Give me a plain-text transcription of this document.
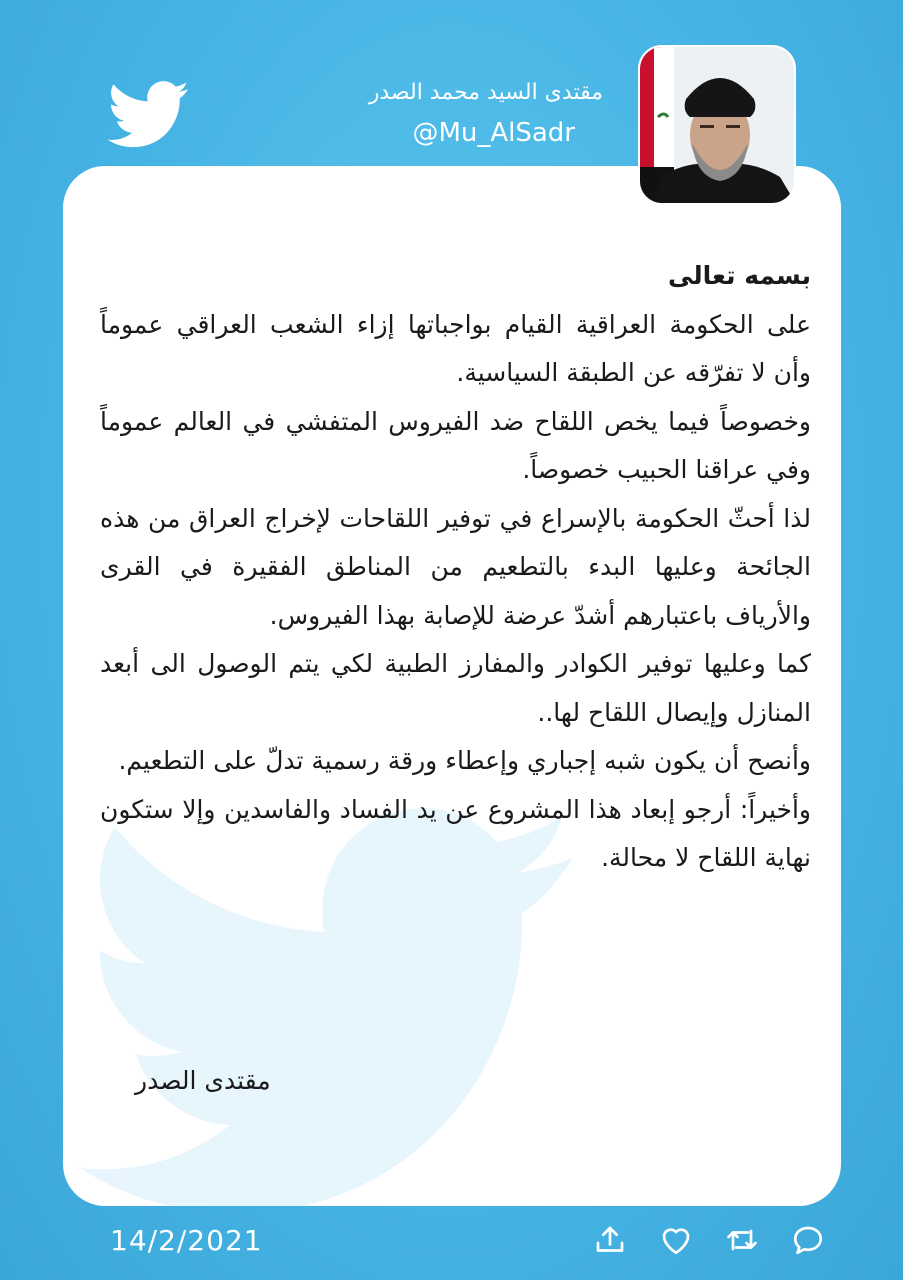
مقتدى السيد محمد الصدر
@Mu_AlSadr

بسمه تعالى

على الحكومة العراقية القيام بواجباتها إزاء الشعب العراقي عموماً وأن لا تفرّقه عن الطبقة السياسية.

وخصوصاً فيما يخص اللقاح ضد الفيروس المتفشي في العالم عموماً وفي عراقنا الحبيب خصوصاً.

لذا أحثّ الحكومة بالإسراع في توفير اللقاحات لإخراج العراق من هذه الجائحة وعليها البدء بالتطعيم من المناطق الفقيرة في القرى والأرياف باعتبارهم أشدّ عرضة للإصابة بهذا الفيروس.

كما وعليها توفير الكوادر والمفارز الطبية لكي يتم الوصول الى أبعد المنازل وإيصال اللقاح لها..

وأنصح أن يكون شبه إجباري وإعطاء ورقة رسمية تدلّ على التطعيم.

وأخيراً: أرجو إبعاد هذا المشروع عن يد الفساد والفاسدين وإلا ستكون نهاية اللقاح لا محالة.

مقتدى الصدر
14/2/2021
